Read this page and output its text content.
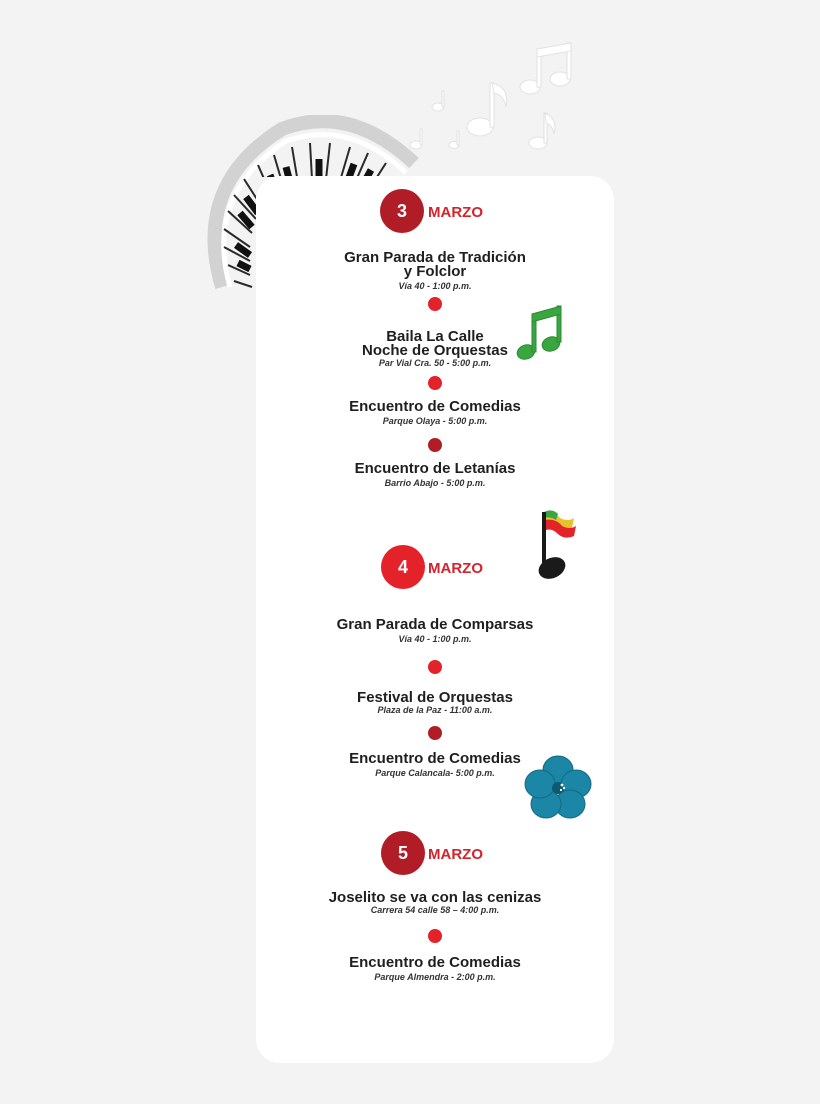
3	MARZO
Gran Parada de Tradición
y Folclor
Vía 40 - 1:00 p.m.
Baila La Calle
Noche de Orquestas
Par Vial Cra. 50 - 5:00 p.m.
Encuentro de Comedias
Parque Olaya - 5:00 p.m.
Encuentro de Letanías
Barrio Abajo - 5:00 p.m.
4	MARZO
Gran Parada de Comparsas
Vía 40 - 1:00 p.m.
Festival de Orquestas
Plaza de la Paz - 11:00 a.m.
Encuentro de Comedias
Parque Calancala- 5:00 p.m.
5	MARZO
Joselito se va con las cenizas
Carrera 54 calle 58 – 4:00 p.m.
Encuentro de Comedias
Parque Almendra - 2:00 p.m.
